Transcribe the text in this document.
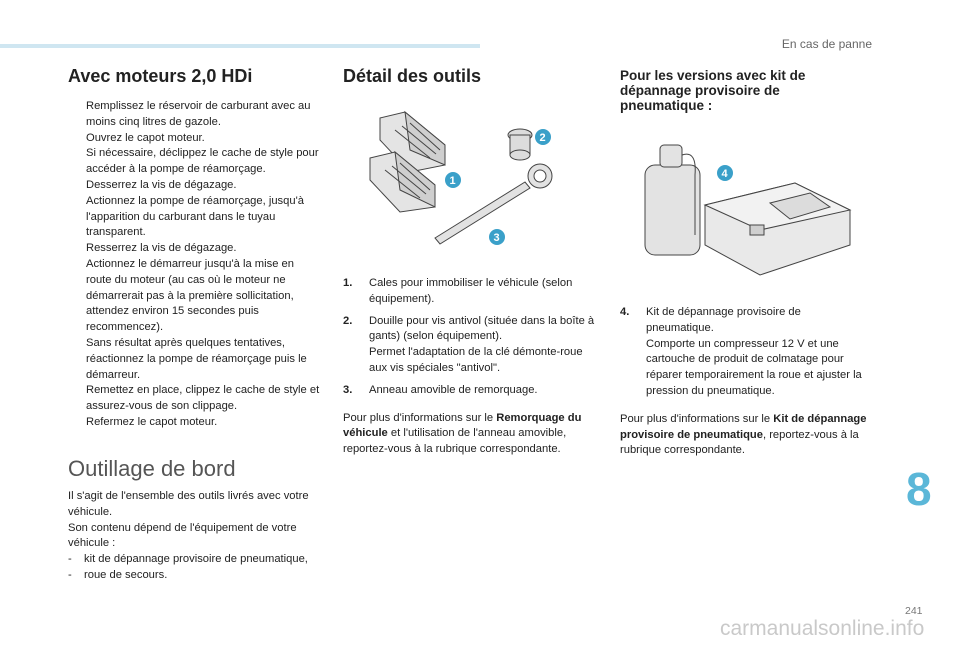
En cas de panne
Avec moteurs 2,0 HDi
Remplissez le réservoir de carburant avec au moins cinq litres de gazole.
Ouvrez le capot moteur.
Si nécessaire, déclippez le cache de style pour accéder à la pompe de réamorçage.
Desserrez la vis de dégazage.
Actionnez la pompe de réamorçage, jusqu'à l'apparition du carburant dans le tuyau transparent.
Resserrez la vis de dégazage.
Actionnez le démarreur jusqu'à la mise en route du moteur (au cas où le moteur ne démarrerait pas à la première sollicitation, attendez environ 15 secondes puis recommencez).
Sans résultat après quelques tentatives, réactionnez la pompe de réamorçage puis le démarreur.
Remettez en place, clippez le cache de style et assurez-vous de son clippage.
Refermez le capot moteur.
Outillage de bord

Il s'agit de l'ensemble des outils livrés avec votre véhicule.

Son contenu dépend de l'équipement de votre véhicule :

- kit de dépannage provisoire de pneumatique,
- roue de secours.
Détail des outils
1
2
3
1. Cales pour immobiliser le véhicule (selon équipement).
2. Douille pour vis antivol (située dans la boîte à gants) (selon équipement).
Permet l'adaptation de la clé démonte-roue aux vis spéciales "antivol".
3. Anneau amovible de remorquage.

Pour plus d'informations sur le Remorquage du véhicule et l'utilisation de l'anneau amovible, reportez-vous à la rubrique correspondante.

Pour les versions avec kit de dépannage provisoire de pneumatique :
4
4. Kit de dépannage provisoire de pneumatique.
Comporte un compresseur 12 V et une cartouche de produit de colmatage pour réparer temporairement la roue et ajuster la pression du pneumatique.

Pour plus d'informations sur le Kit de dépannage provisoire de pneumatique, reportez-vous à la rubrique correspondante.

8
241
carmanualsonline.info
